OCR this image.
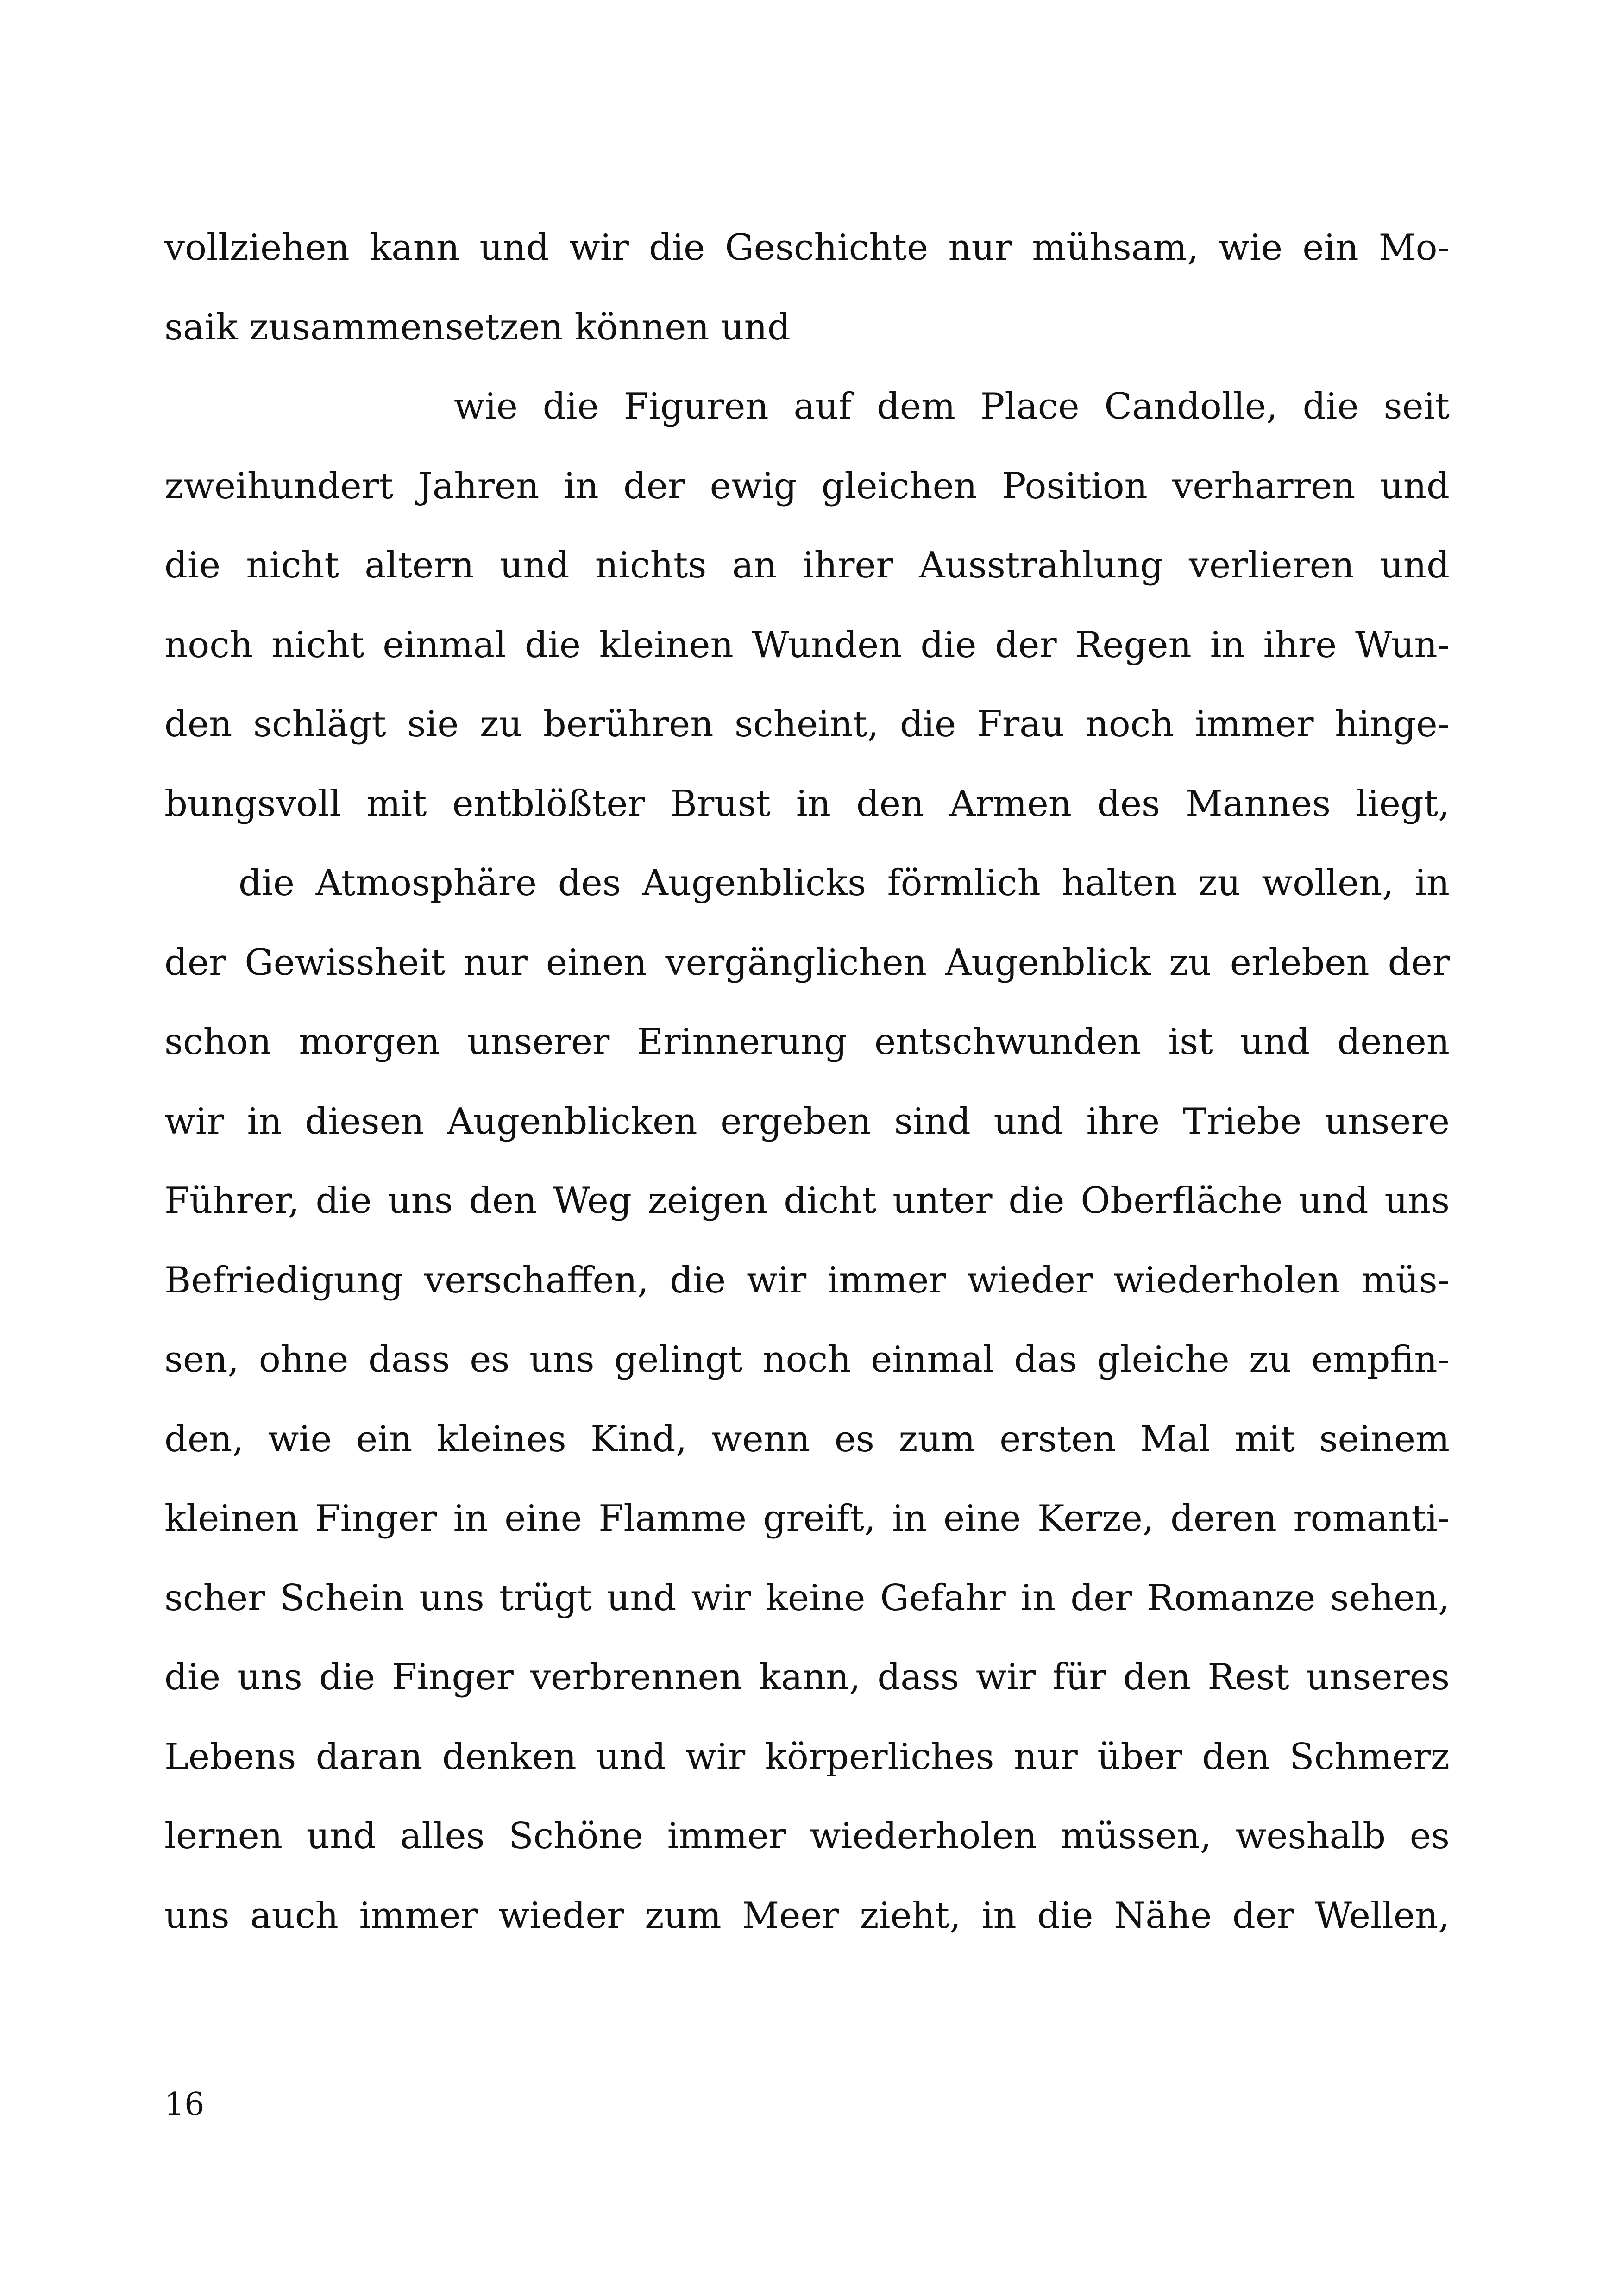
vollziehen kann und wir die Geschichte nur mühsam, wie ein Mo-
saik zusammensetzen können und
wie die Figuren auf dem Place Candolle, die seit
zweihundert Jahren in der ewig gleichen Position verharren und
die nicht altern und nichts an ihrer Ausstrahlung verlieren und
noch nicht einmal die kleinen Wunden die der Regen in ihre Wun-
den schlägt sie zu berühren scheint, die Frau noch immer hinge-
bungsvoll mit entblößter Brust in den Armen des Mannes liegt,
die Atmosphäre des Augenblicks förmlich halten zu wollen, in
der Gewissheit nur einen vergänglichen Augenblick zu erleben der
schon morgen unserer Erinnerung entschwunden ist und denen
wir in diesen Augenblicken ergeben sind und ihre Triebe unsere
Führer, die uns den Weg zeigen dicht unter die Oberfläche und uns
Befriedigung verschaffen, die wir immer wieder wiederholen müs-
sen, ohne dass es uns gelingt noch einmal das gleiche zu empfin-
den, wie ein kleines Kind, wenn es zum ersten Mal mit seinem
kleinen Finger in eine Flamme greift, in eine Kerze, deren romanti-
scher Schein uns trügt und wir keine Gefahr in der Romanze sehen,
die uns die Finger verbrennen kann, dass wir für den Rest unseres
Lebens daran denken und wir körperliches nur über den Schmerz
lernen und alles Schöne immer wiederholen müssen, weshalb es
uns auch immer wieder zum Meer zieht, in die Nähe der Wellen,
16
